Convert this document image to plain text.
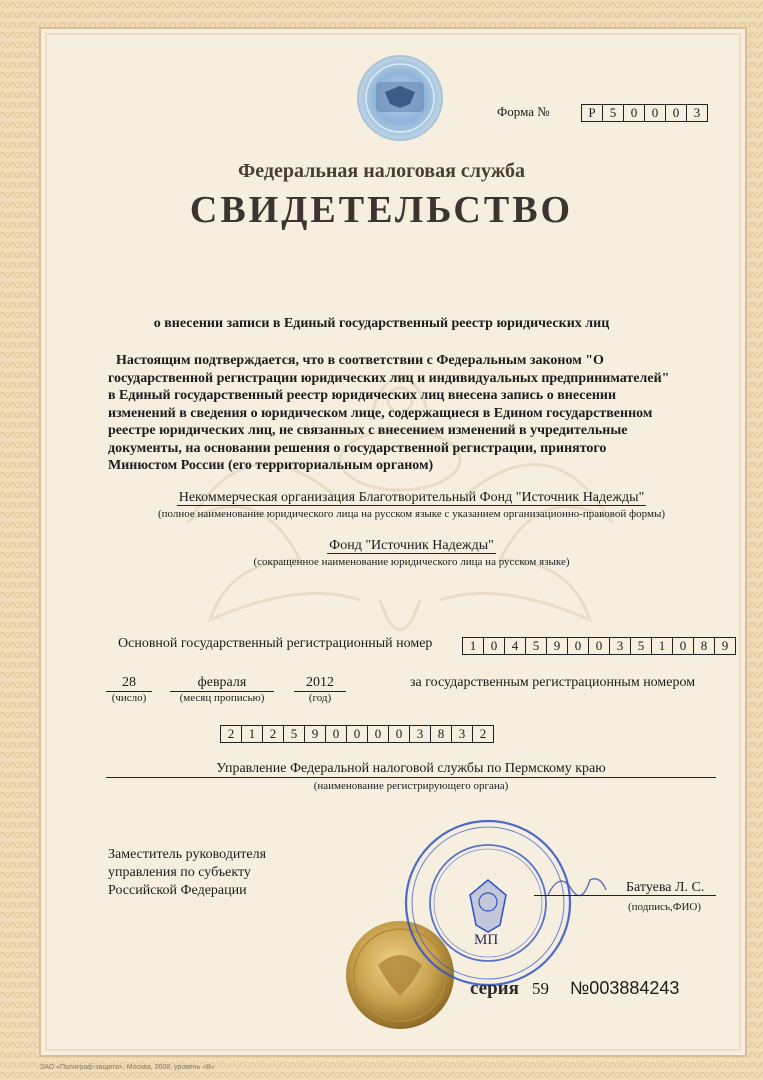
Форма №	Р	5	0	0	0	3
Федеральная налоговая служба
СВИДЕТЕЛЬСТВО
о внесении записи в Единый государственный реестр юридических лиц
Настоящим подтверждается, что в соответствии с Федеральным законом "О
государственной регистрации юридических лиц и индивидуальных предпринимателей"
в Единый государственный реестр юридических лиц внесена запись о внесении
изменений в сведения о юридическом лице, содержащиеся в Едином государственном
реестре юридических лиц, не связанных с внесением изменений в учредительные
документы, на основании решения о государственной регистрации, принятого
Минюстом России (его территориальным органом)
Некоммерческая организация Благотворительный Фонд "Источник Надежды"
(полное наименование юридического лица на русском языке с указанием организационно-правовой формы)
Фонд "Источник Надежды"
(сокращенное наименование юридического лица на русском языке)
Основной государственный регистрационный номер	1	0	4	5	9	0	0	3	5	1	0	8	9
28
(число)
февраля
(месяц прописью)
2012
(год)
за государственным регистрационным номером
2	1	2	5	9	0	0	0	0	3	8	3	2
Управление Федеральной налоговой службы по Пермскому краю
(наименование регистрирующего органа)
Заместитель руководителя
управления по субъекту
Российской Федерации	Батуева Л. С.
(подпись,ФИО)
МП
серия 59 №003884243
ЗАО «Полиграф-защита», Москва, 2008, уровень «В»
